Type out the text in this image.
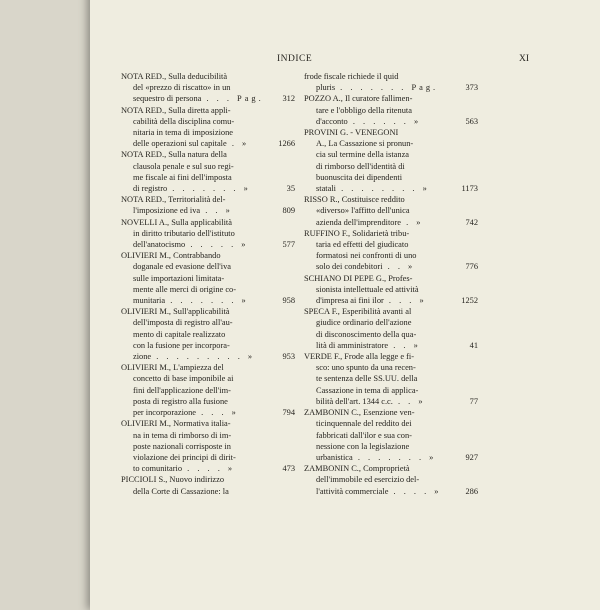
INDICE	XI
NOTA RED., Sulla deducibilità
del «prezzo di riscatto» in un
sequestro di persona . . . Pag. 312
NOTA RED., Sulla diretta appli-
cabilità della disciplina comu-
nitaria in tema di imposizione
delle operazioni sul capitale . »	1266
NOTA RED., Sulla natura della
clausola penale e sul suo regi-
me fiscale ai fini dell'imposta
di registro . . . . . . . »	35
NOTA RED., Territorialità del-
l'imposizione ed iva . . »	809
NOVELLI A., Sulla applicabilità
in diritto tributario dell'istituto
dell'anatocismo . . . . . »	577
OLIVIERI M., Contrabbando
doganale ed evasione dell'iva
sulle importazioni limitata-
mente alle merci di origine co-
munitaria . . . . . . . »	958
OLIVIERI M., Sull'applicabilità
dell'imposta di registro all'au-
mento di capitale realizzato
con la fusione per incorpora-
zione . . . . . . . . . »	953
OLIVIERI M., L'ampiezza del
concetto di base imponibile ai
fini dell'applicazione dell'im-
posta di registro alla fusione
per incorporazione . . . »	794
OLIVIERI M., Normativa italia-
na in tema di rimborso di im-
poste nazionali corrisposte in
violazione dei principi di dirit-
to comunitario . . . . »	473
PICCIOLI S., Nuovo indirizzo
della Corte di Cassazione: la
frode fiscale richiede il quid
pluris . . . . . . . Pag.	373
POZZO A., Il curatore fallimen-
tare e l'obbligo della ritenuta
d'acconto . . . . . . »	563
PROVINI G. - VENEGONI
A., La Cassazione si pronun-
cia sul termine della istanza
di rimborso dell'identità di
buonuscita dei dipendenti
statali . . . . . . . . »	1173
RISSO R., Costituisce reddito
«diverso» l'affitto dell'unica
azienda dell'imprenditore . »	742
RUFFINO F., Solidarietà tribu-
taria ed effetti del giudicato
formatosi nei confronti di uno
solo dei condebitori . . »	776
SCHIANO DI PEPE G., Profes-
sionista intellettuale ed attività
d'impresa ai fini ilor . . . »	1252
SPECA F., Esperibilità avanti al
giudice ordinario dell'azione
di disconoscimento della qua-
lità di amministratore . . »	41
VERDE F., Frode alla legge e fi-
sco: uno spunto da una recen-
te sentenza delle SS.UU. della
Cassazione in tema di applica-
bilità dell'art. 1344 c.c. . . »	77
ZAMBONIN C., Esenzione ven-
ticinquennale del reddito dei
fabbricati dall'ilor e sua con-
nessione con la legislazione
urbanistica . . . . . . . »	927
ZAMBONIN C., Comproprietà
dell'immobile ed esercizio del-
l'attività commerciale . . . . »	286
